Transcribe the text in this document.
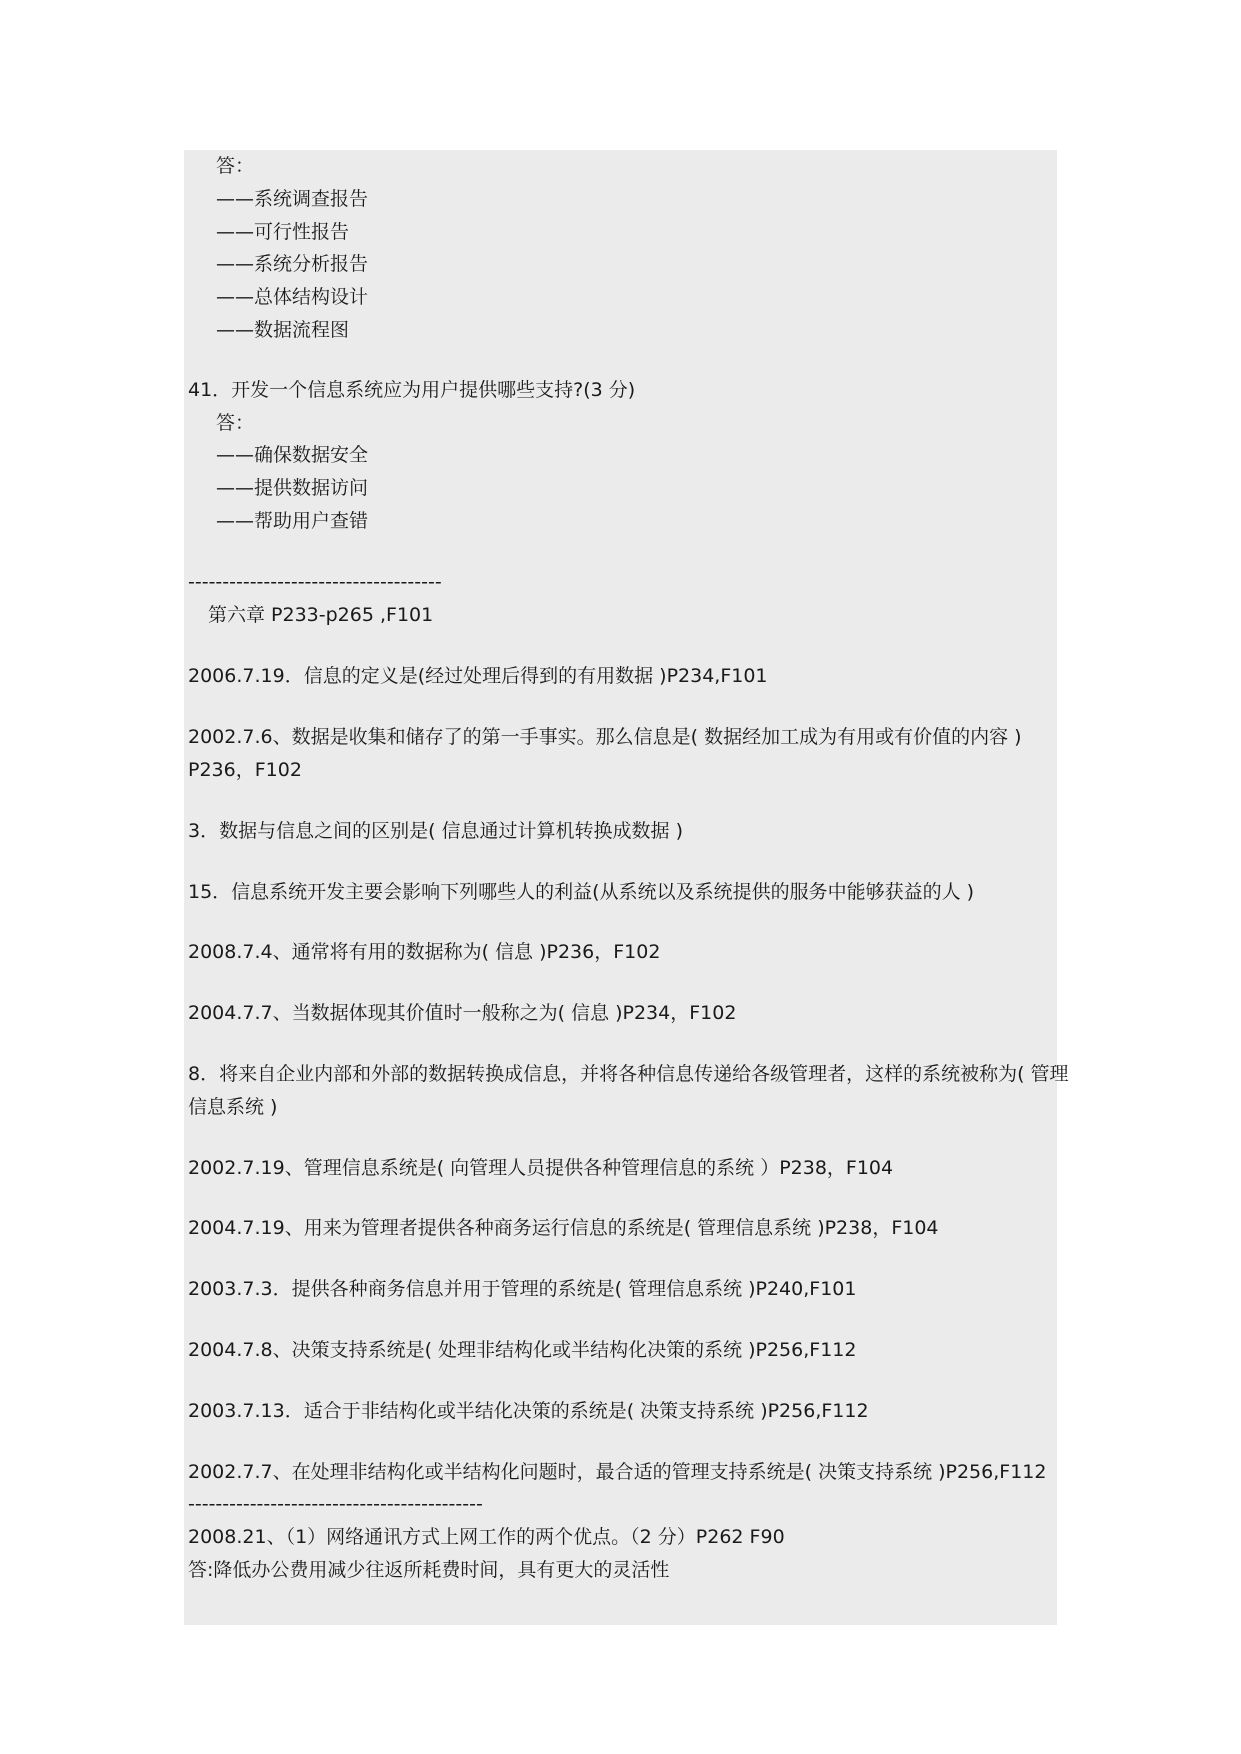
答：
——系统调查报告
——可行性报告
——系统分析报告
——总体结构设计
——数据流程图
41．开发一个信息系统应为用户提供哪些支持?(3 分)
答：
——确保数据安全
——提供数据访问
——帮助用户查错
-------------------------------------
第六章 P233-p265 ,F101
2006.7.19．信息的定义是(经过处理后得到的有用数据 )P234,F101
2002.7.6、数据是收集和储存了的第一手事实。那么信息是( 数据经加工成为有用或有价值的内容 )
P236，F102
3．数据与信息之间的区别是( 信息通过计算机转换成数据 )
15．信息系统开发主要会影响下列哪些人的利益(从系统以及系统提供的服务中能够获益的人 )
2008.7.4、通常将有用的数据称为( 信息 )P236，F102
2004.7.7、当数据体现其价值时一般称之为( 信息 )P234，F102
8．将来自企业内部和外部的数据转换成信息，并将各种信息传递给各级管理者，这样的系统被称为( 管理
信息系统 )
2002.7.19、管理信息系统是( 向管理人员提供各种管理信息的系统 ）P238，F104
2004.7.19、用来为管理者提供各种商务运行信息的系统是( 管理信息系统 )P238，F104
2003.7.3．提供各种商务信息并用于管理的系统是( 管理信息系统 )P240,F101
2004.7.8、决策支持系统是( 处理非结构化或半结构化决策的系统 )P256,F112
2003.7.13．适合于非结构化或半结化决策的系统是( 决策支持系统 )P256,F112
2002.7.7、在处理非结构化或半结构化问题时，最合适的管理支持系统是( 决策支持系统 )P256,F112
-------------------------------------------
2008.21、（1）网络通讯方式上网工作的两个优点。（2 分）P262 F90
答:降低办公费用减少往返所耗费时间，具有更大的灵活性
